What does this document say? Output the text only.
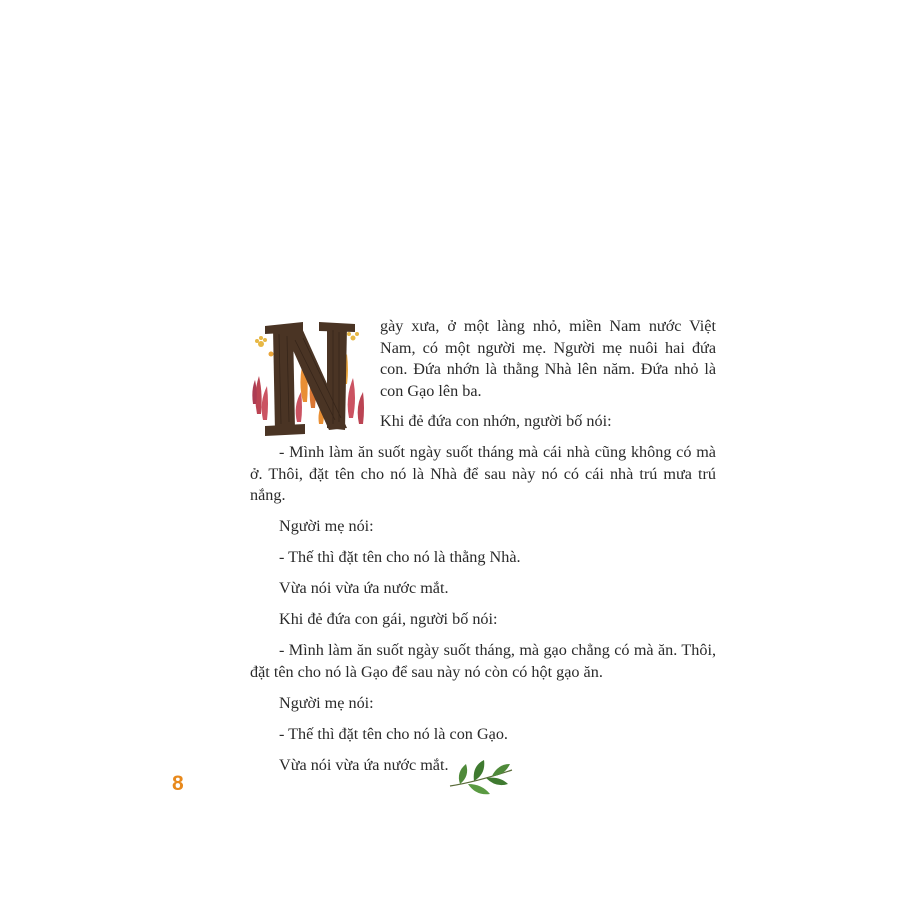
gày xưa, ở một làng nhỏ, miền Nam nước Việt Nam, có một người mẹ. Người mẹ nuôi hai đứa con. Đứa nhớn là thằng Nhà lên năm. Đứa nhỏ là con Gạo lên ba.

Khi đẻ đứa con nhớn, người bố nói:

- Mình làm ăn suốt ngày suốt tháng mà cái nhà cũng không có mà ở. Thôi, đặt tên cho nó là Nhà để sau này nó có cái nhà trú mưa trú nắng.

Người mẹ nói:

- Thế thì đặt tên cho nó là thằng Nhà.

Vừa nói vừa ứa nước mắt.

Khi đẻ đứa con gái, người bố nói:

- Mình làm ăn suốt ngày suốt tháng, mà gạo chẳng có mà ăn. Thôi, đặt tên cho nó là Gạo để sau này nó còn có hột gạo ăn.

Người mẹ nói:

- Thế thì đặt tên cho nó là con Gạo.

Vừa nói vừa ứa nước mắt.

8
